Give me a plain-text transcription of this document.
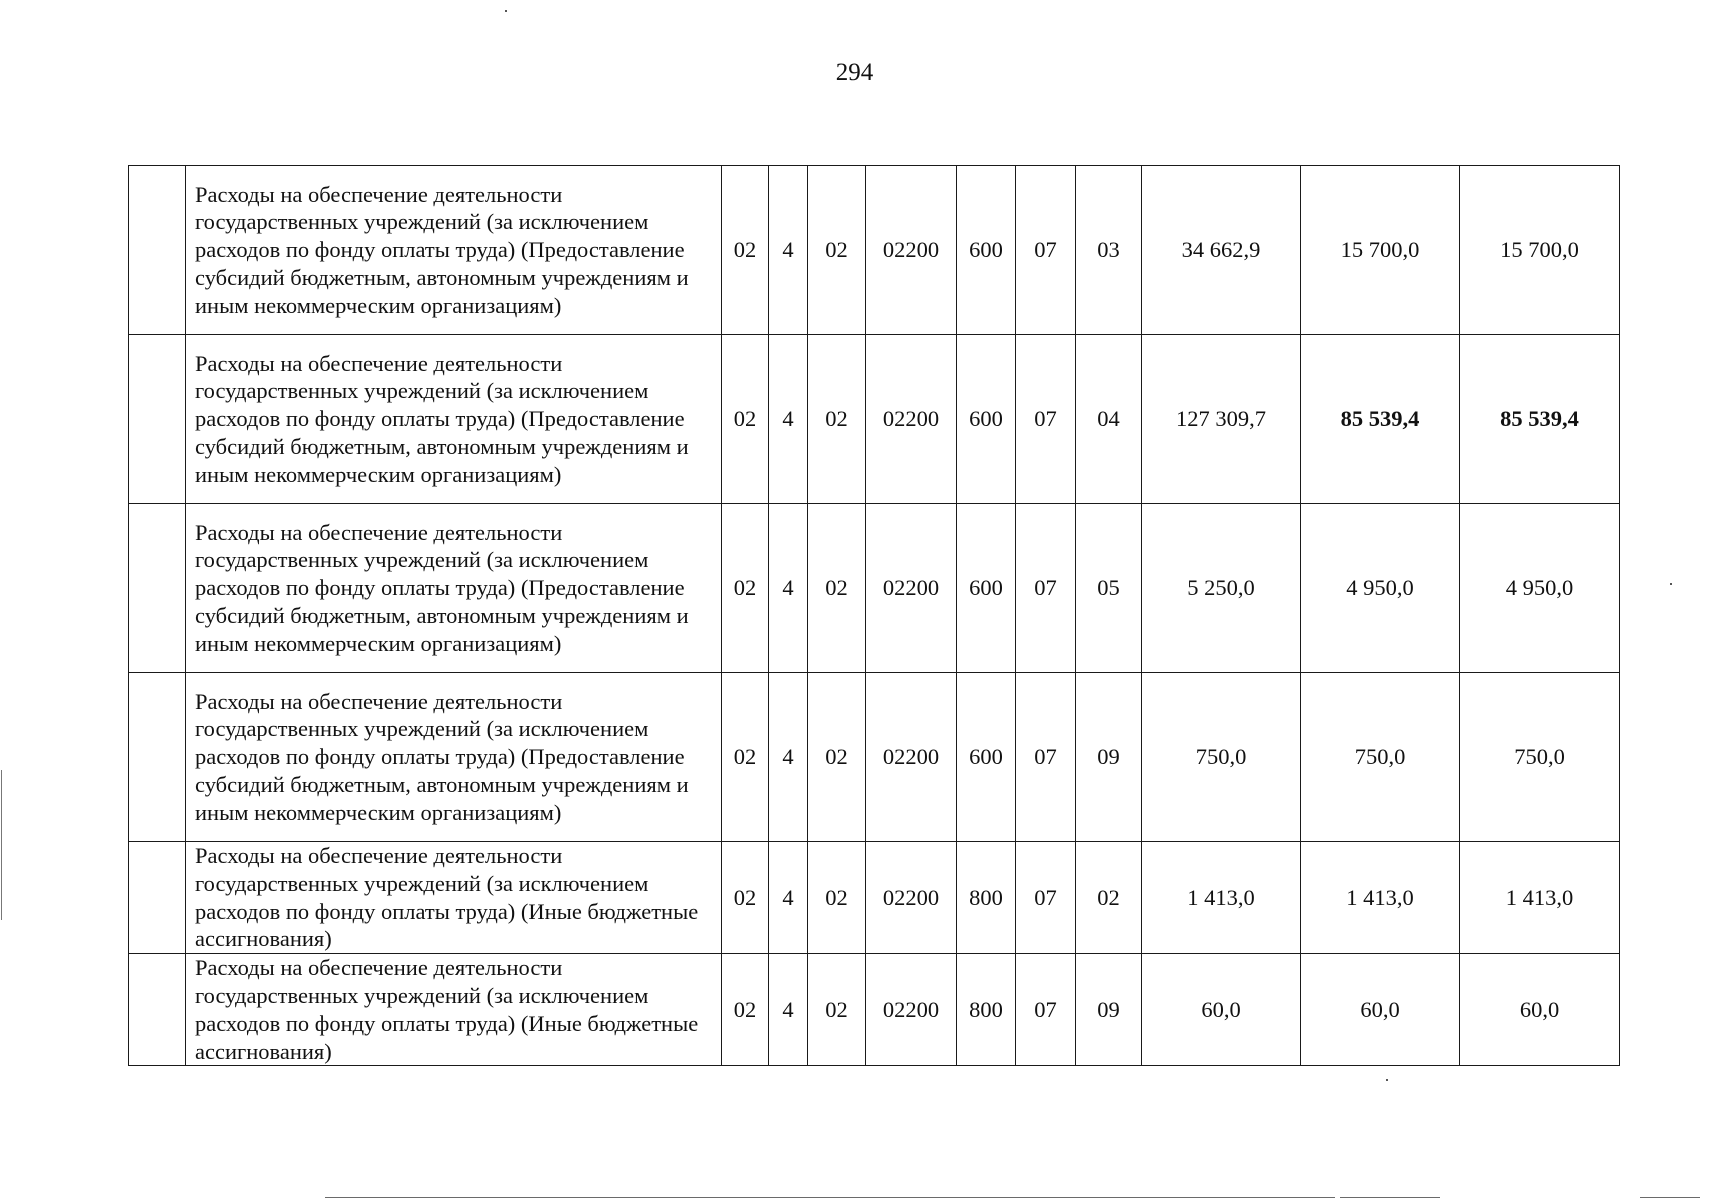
294
	Расходы на обеспечение деятельности государственных учреждений (за исключением расходов по фонду оплаты труда) (Предоставление субсидий бюджетным, автономным учреждениям и иным некоммерческим организациям)	02	4	02	02200	600	07	03	34 662,9	15 700,0	15 700,0
	Расходы на обеспечение деятельности государственных учреждений (за исключением расходов по фонду оплаты труда) (Предоставление субсидий бюджетным, автономным учреждениям и иным некоммерческим организациям)	02	4	02	02200	600	07	04	127 309,7	85 539,4	85 539,4
	Расходы на обеспечение деятельности государственных учреждений (за исключением расходов по фонду оплаты труда) (Предоставление субсидий бюджетным, автономным учреждениям и иным некоммерческим организациям)	02	4	02	02200	600	07	05	5 250,0	4 950,0	4 950,0
	Расходы на обеспечение деятельности государственных учреждений (за исключением расходов по фонду оплаты труда) (Предоставление субсидий бюджетным, автономным учреждениям и иным некоммерческим организациям)	02	4	02	02200	600	07	09	750,0	750,0	750,0
	Расходы на обеспечение деятельности государственных учреждений (за исключением расходов по фонду оплаты труда) (Иные бюджетные ассигнования)	02	4	02	02200	800	07	02	1 413,0	1 413,0	1 413,0
	Расходы на обеспечение деятельности государственных учреждений (за исключением расходов по фонду оплаты труда) (Иные бюджетные ассигнования)	02	4	02	02200	800	07	09	60,0	60,0	60,0
